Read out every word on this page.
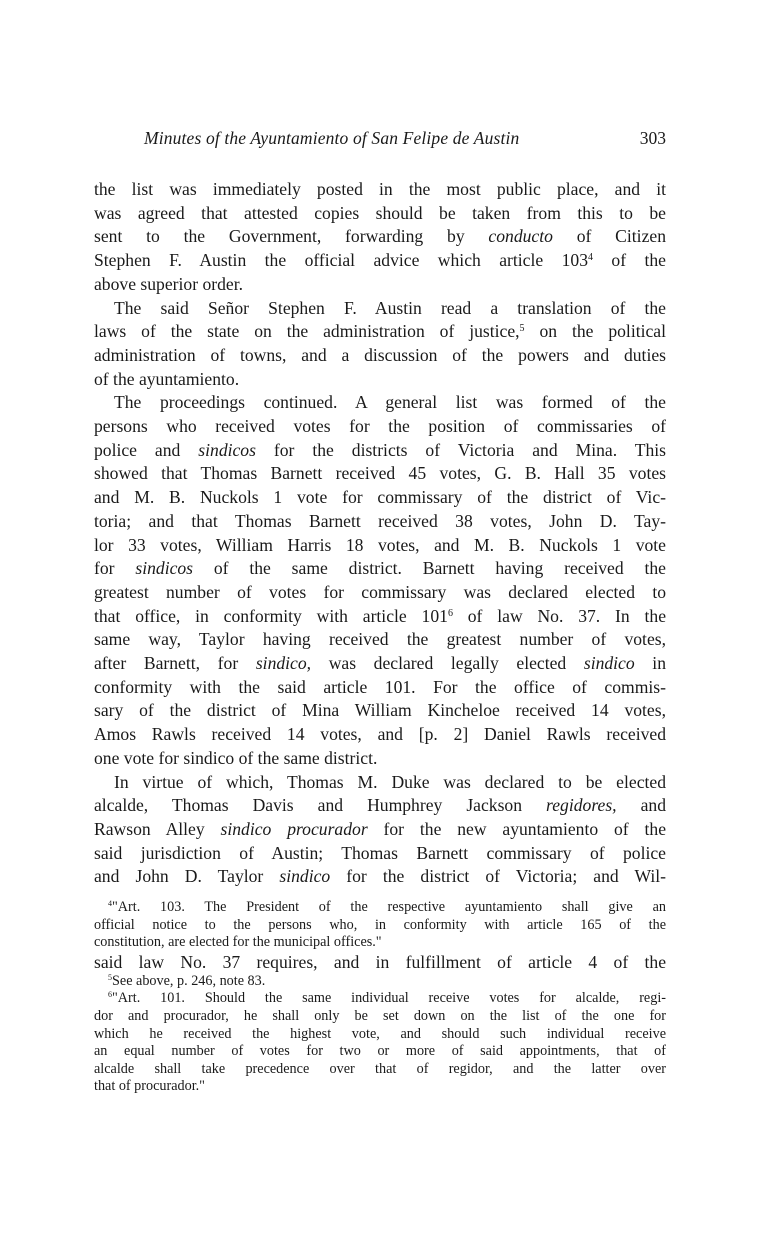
Minutes of the Ayuntamiento of San Felipe de Austin	303
the list was immediately posted in the most public place, and it
was agreed that attested copies should be taken from this to be
sent to the Government, forwarding by conducto of Citizen
Stephen F. Austin the official advice which article $103^4$ of the
above superior order.
The said Señor Stephen F. Austin read a translation of the
laws of the state on the administration of justice,$^5$ on the political
administration of towns, and a discussion of the powers and duties
of the ayuntamiento.
The proceedings continued. A general list was formed of the
persons who received votes for the position of commissaries of
police and sindicos for the districts of Victoria and Mina. This
showed that Thomas Barnett received 45 votes, G. B. Hall 35 votes
and M. B. Nuckols 1 vote for commissary of the district of Vic-
toria; and that Thomas Barnett received 38 votes, John D. Tay-
lor 33 votes, William Harris 18 votes, and M. B. Nuckols 1 vote
for sindicos of the same district. Barnett having received the
greatest number of votes for commissary was declared elected to
that office, in conformity with article $101^6$ of law No. 37. In the
same way, Taylor having received the greatest number of votes,
after Barnett, for sindico, was declared legally elected sindico in
conformity with the said article 101. For the office of commis-
sary of the district of Mina William Kincheloe received 14 votes,
Amos Rawls received 14 votes, and [p. 2] Daniel Rawls received
one vote for sindico of the same district.
In virtue of which, Thomas M. Duke was declared to be elected
alcalde, Thomas Davis and Humphrey Jackson regidores, and
Rawson Alley sindico procurador for the new ayuntamiento of the
said jurisdiction of Austin; Thomas Barnett commissary of police
and John D. Taylor sindico for the district of Victoria; and Wil-
$^4$"Art. 103. The President of the respective ayuntamiento shall give an
official notice to the persons who, in conformity with article 165 of the
constitution, are elected for the municipal offices."
said law No. 37 requires, and in fulfillment of article 4 of the
$^5$See above, p. 246, note 83.
$^6$"Art. 101. Should the same individual receive votes for alcalde, regi-
dor and procurador, he shall only be set down on the list of the one for
which he received the highest vote, and should such individual receive
an equal number of votes for two or more of said appointments, that of
alcalde shall take precedence over that of regidor, and the latter over
that of procurador."
